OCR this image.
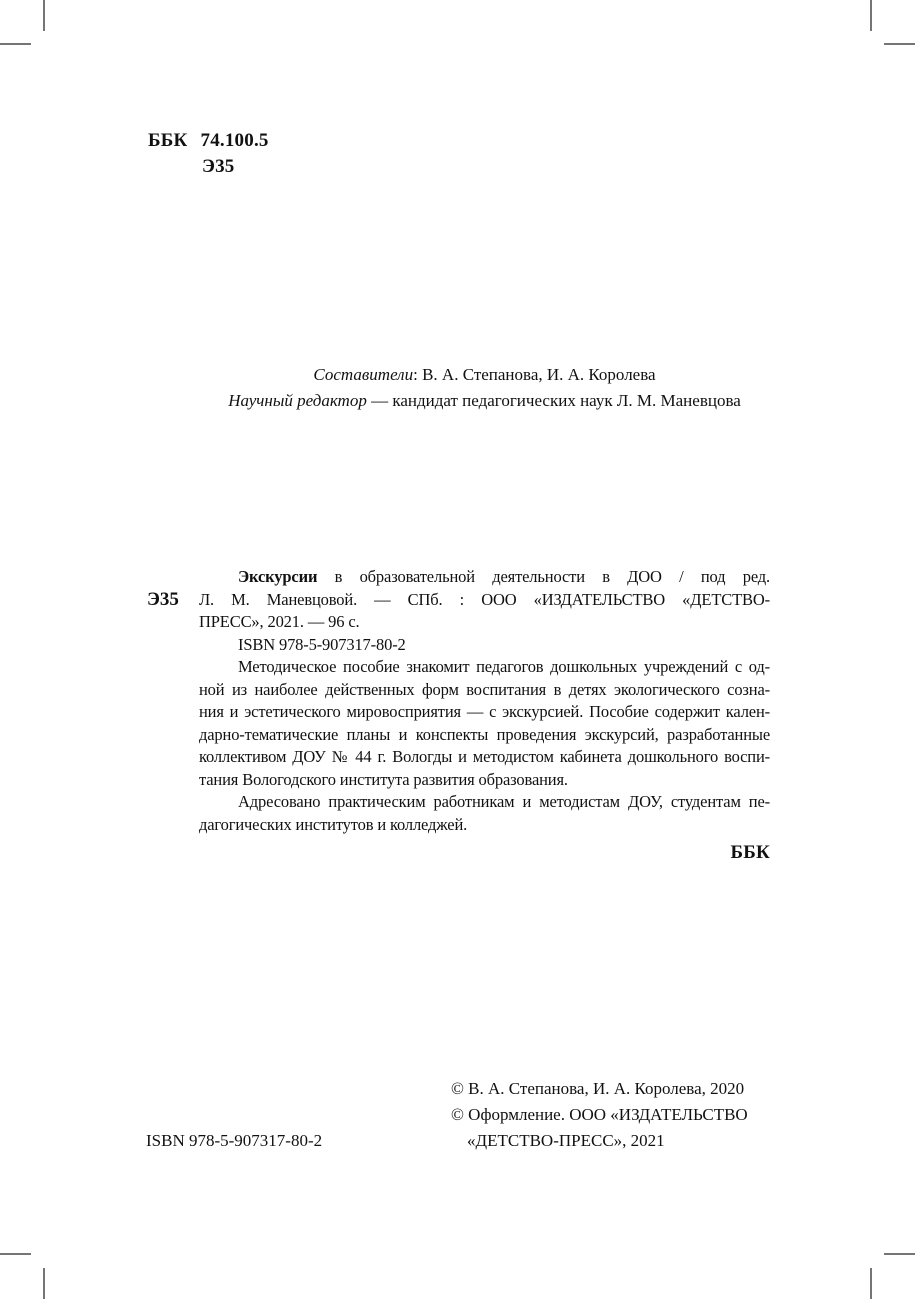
ББК 74.100.5
Э35
Составители: В. А. Степанова, И. А. Королева
Научный редактор — кандидат педагогических наук Л. М. Маневцова
Э35
Экскурсии в образовательной деятельности в ДОО / под ред.
Л. М. Маневцовой. — СПб. : ООО «ИЗДАТЕЛЬСТВО «ДЕТСТВО-
ПРЕСС», 2021. — 96 с.
ISBN 978-5-907317-80-2
Методическое пособие знакомит педагогов дошкольных учреждений с од-
ной из наиболее действенных форм воспитания в детях экологического созна-
ния и эстетического мировосприятия — с экскурсией. Пособие содержит кален-
дарно-тематические планы и конспекты проведения экскурсий, разработанные
коллективом ДОУ № 44 г. Вологды и методистом кабинета дошкольного воспи-
тания Вологодского института развития образования.
Адресовано практическим работникам и методистам ДОУ, студентам пе-
дагогических институтов и колледжей.
ББК
ISBN 978-5-907317-80-2
© В. А. Степанова, И. А. Королева, 2020
© Оформление. ООО «ИЗДАТЕЛЬСТВО
«ДЕТСТВО-ПРЕСС», 2021
